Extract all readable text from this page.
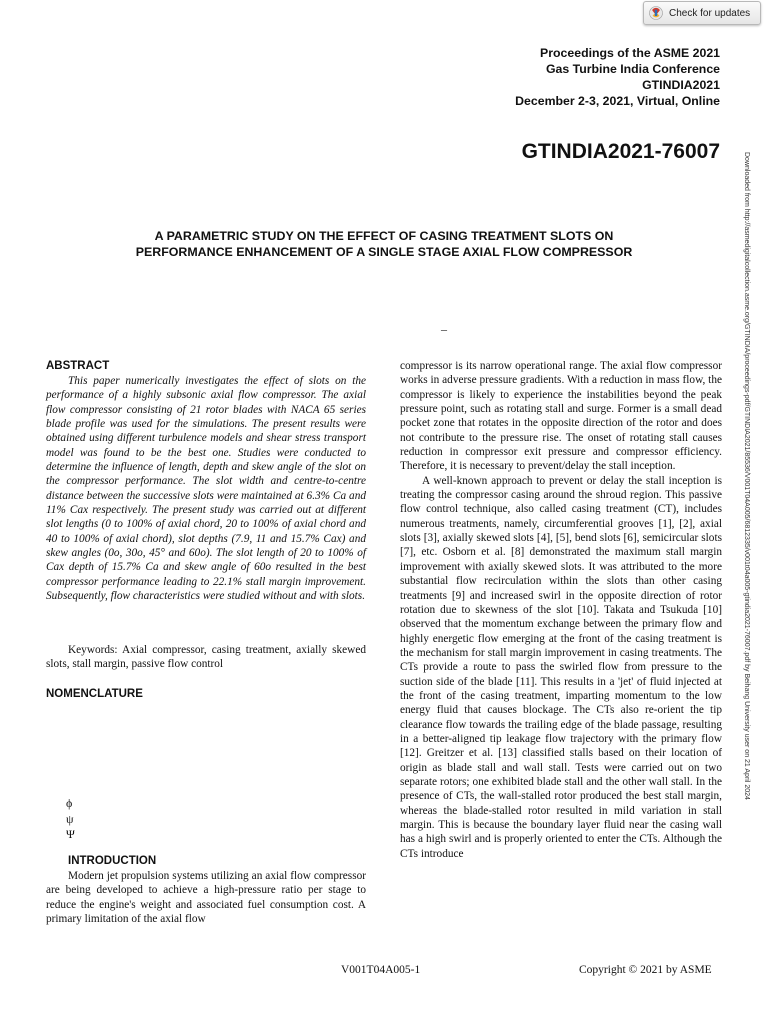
Check for updates
Proceedings of the ASME 2021
Gas Turbine India Conference
GTINDIA2021
December 2-3, 2021, Virtual, Online
GTINDIA2021-76007
A PARAMETRIC STUDY ON THE EFFECT OF CASING TREATMENT SLOTS ON
PERFORMANCE ENHANCEMENT OF A SINGLE STAGE AXIAL FLOW COMPRESSOR
–	Downloaded from http://asmedigitalcollection.asme.org/GTINDIA/proceedings-pdf/GTINDIA2021/85536/V001T04A005/6812335/v001t04a005-gtindia2021-76007.pdf by Beihang University user on 21 April 2024
ABSTRACT

This paper numerically investigates the effect of slots on the performance of a highly subsonic axial flow compressor. The axial flow compressor consisting of 21 rotor blades with NACA 65 series blade profile was used for the simulations. The present results were obtained using different turbulence models and shear stress transport model was found to be the best one. Studies were conducted to determine the influence of length, depth and skew angle of the slot on the compressor performance. The slot width and centre-to-centre distance between the successive slots were maintained at 6.3% Ca and 11% Cax respectively. The present study was carried out at different slot lengths (0 to 100% of axial chord, 20 to 100% of axial chord and 40 to 100% of axial chord), slot depths (7.9, 11 and 15.7% Cax) and skew angles (0o, 30o, 45° and 60o). The slot length of 20 to 100% of Cax depth of 15.7% Ca and skew angle of 60o resulted in the best compressor performance leading to 22.1% stall margin improvement. Subsequently, flow characteristics were studied without and with slots.

Keywords: Axial compressor, casing treatment, axially skewed slots, stall margin, passive flow control

NOMENCLATURE
ϕ
ψ
Ψ
INTRODUCTION

Modern jet propulsion systems utilizing an axial flow compressor are being developed to achieve a high-pressure ratio per stage to reduce the engine's weight and associated fuel consumption cost. A primary limitation of the axial flow

compressor is its narrow operational range. The axial flow compressor works in adverse pressure gradients. With a reduction in mass flow, the compressor is likely to experience the instabilities beyond the peak pressure point, such as rotating stall and surge. Former is a small dead pocket zone that rotates in the opposite direction of the rotor and does not contribute to the pressure rise. The onset of rotating stall causes reduction in compressor exit pressure and compressor efficiency. Therefore, it is necessary to prevent/delay the stall inception.

A well-known approach to prevent or delay the stall inception is treating the compressor casing around the shroud region. This passive flow control technique, also called casing treatment (CT), includes numerous treatments, namely, circumferential grooves [1], [2], axial slots [3], axially skewed slots [4], [5], bend slots [6], semicircular slots [7], etc. Osborn et al. [8] demonstrated the maximum stall margin improvement with axially skewed slots. It was attributed to the more substantial flow recirculation within the slots than other casing treatments [9] and increased swirl in the opposite direction of rotor rotation due to skewness of the slot [10]. Takata and Tsukuda [10] observed that the momentum exchange between the primary flow and highly energetic flow emerging at the front of the casing treatment is the mechanism for stall margin improvement in casing treatments. The CTs provide a route to pass the swirled flow from pressure to the suction side of the blade [11]. This results in a 'jet' of fluid injected at the front of the casing treatment, imparting momentum to the low energy fluid that causes blockage. The CTs also re-orient the tip clearance flow towards the trailing edge of the blade passage, resulting in a better-aligned tip leakage flow trajectory with the primary flow [12]. Greitzer et al. [13] classified stalls based on their location of origin as blade stall and wall stall. Tests were carried out on two separate rotors; one exhibited blade stall and the other wall stall. In the presence of CTs, the wall-stalled rotor produced the best stall margin, whereas the blade-stalled rotor resulted in mild variation in stall margin. This is because the boundary layer fluid near the casing wall has a high swirl and is properly oriented to enter the CTs. Although the CTs introduce

V001T04A005-1	Copyright © 2021 by ASME
